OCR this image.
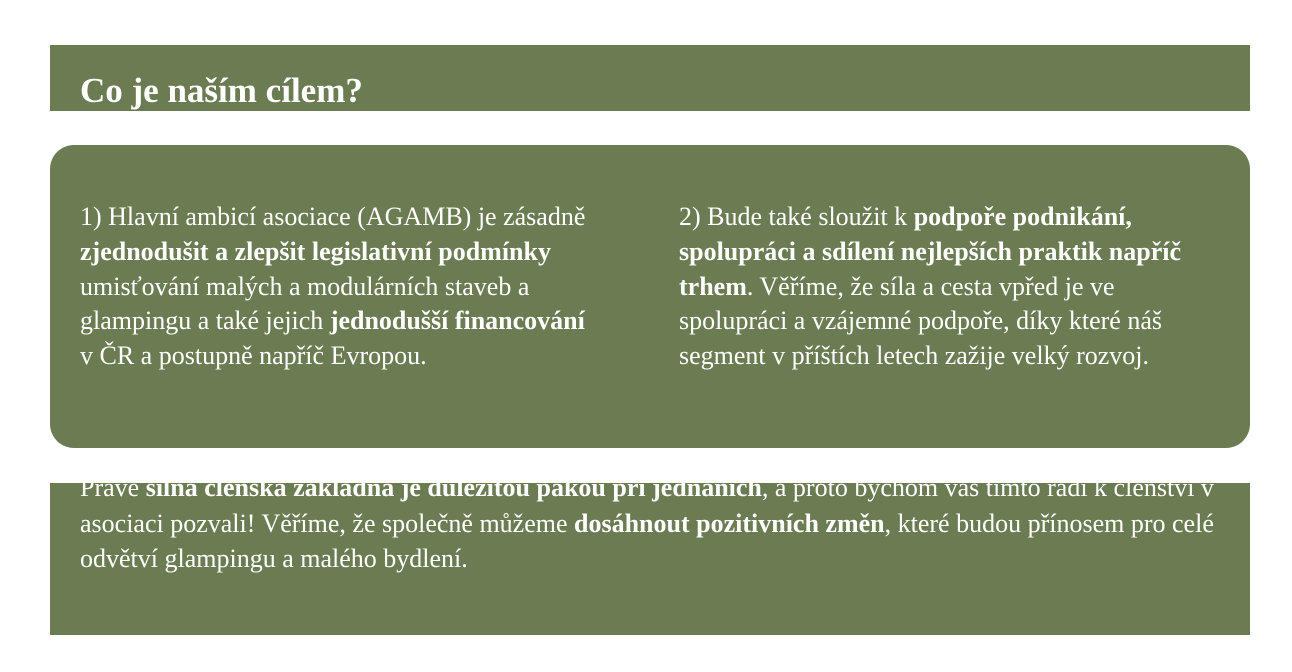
Co je naším cílem?
1) Hlavní ambicí asociace (AGAMB) je zásadně zjednodušit a zlepšit legislativní podmínky umisťování malých a modulárních staveb a glampingu a také jejich jednodušší financování v ČR a postupně napříč Evropou.
2) Bude také sloužit k podpoře podnikání, spolupráci a sdílení nejlepších praktik napříč trhem. Věříme, že síla a cesta vpřed je ve spolupráci a vzájemné podpoře, díky které náš segment v příštích letech zažije velký rozvoj.

Právě silná členská základna je důležitou pákou při jednáních, a proto bychom vás tímto rádi k členství v asociaci pozvali! Věříme, že společně můžeme dosáhnout pozitivních změn, které budou přínosem pro celé odvětví glampingu a malého bydlení.
